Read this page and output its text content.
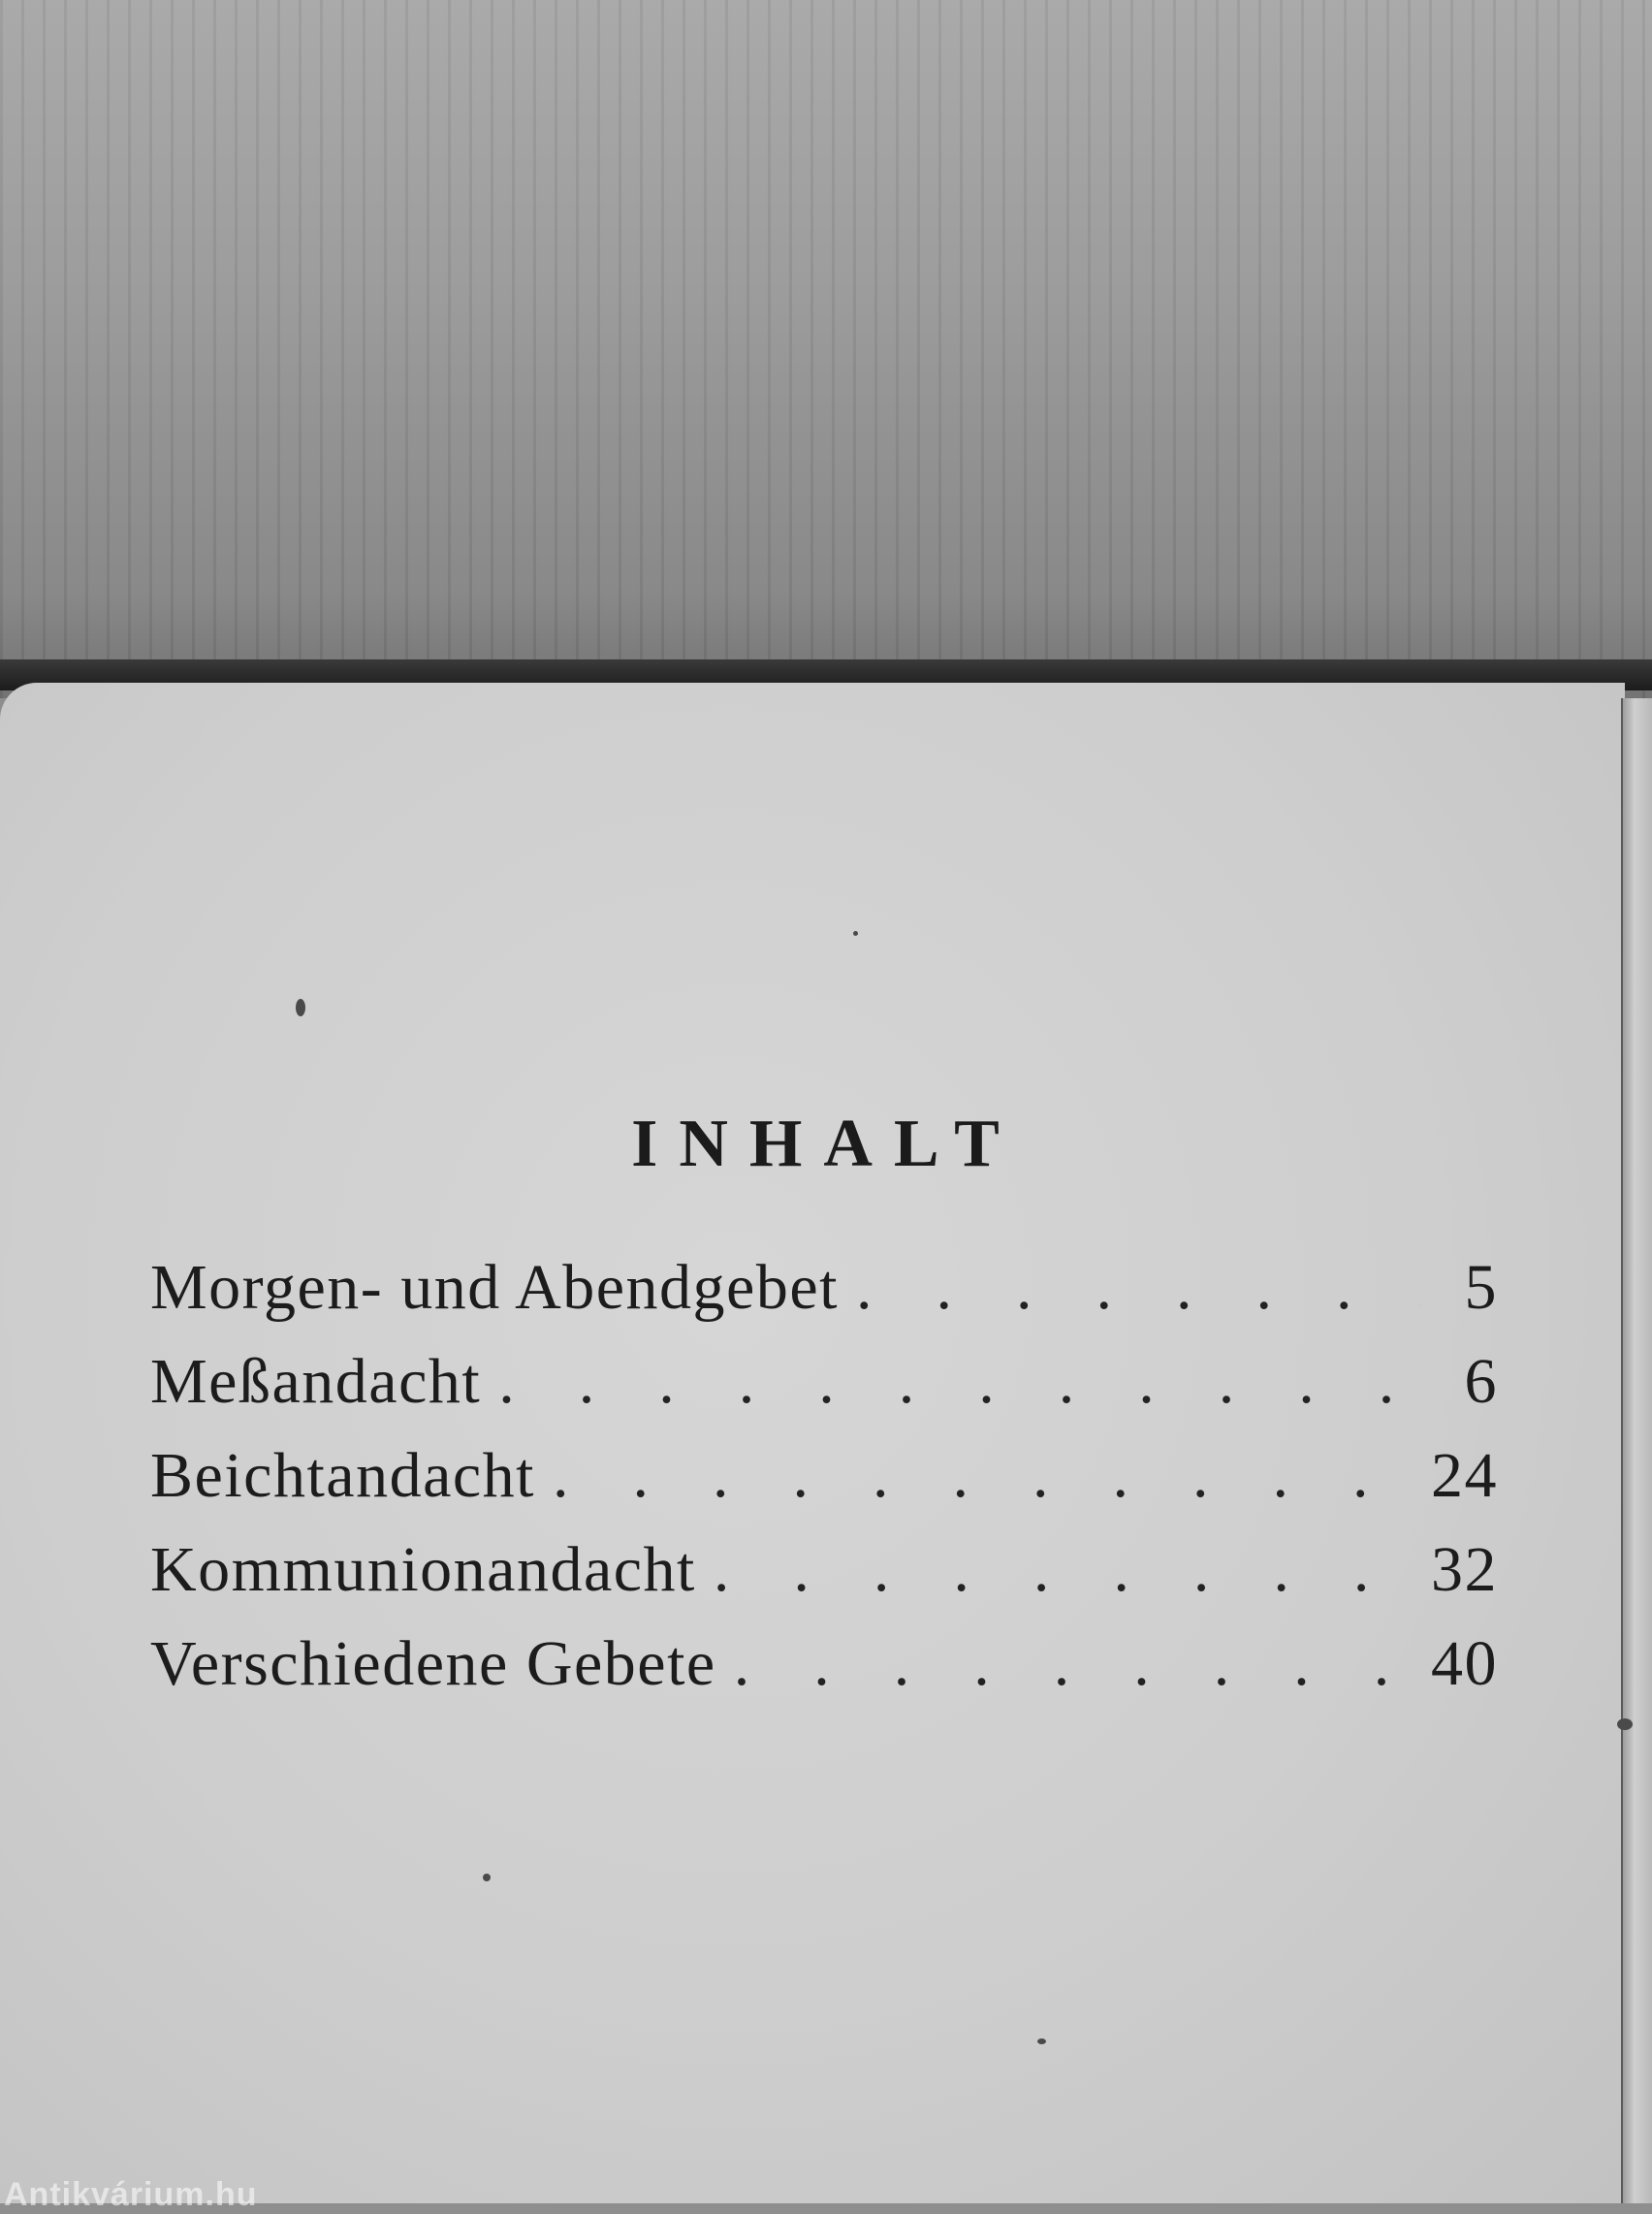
INHALT
Morgen- und Abendgebet .	5
Meßandacht .	6
Beichtandacht .	24
Kommunionandacht .	32
Verschiedene Gebete .	40
Antikvárium.hu
